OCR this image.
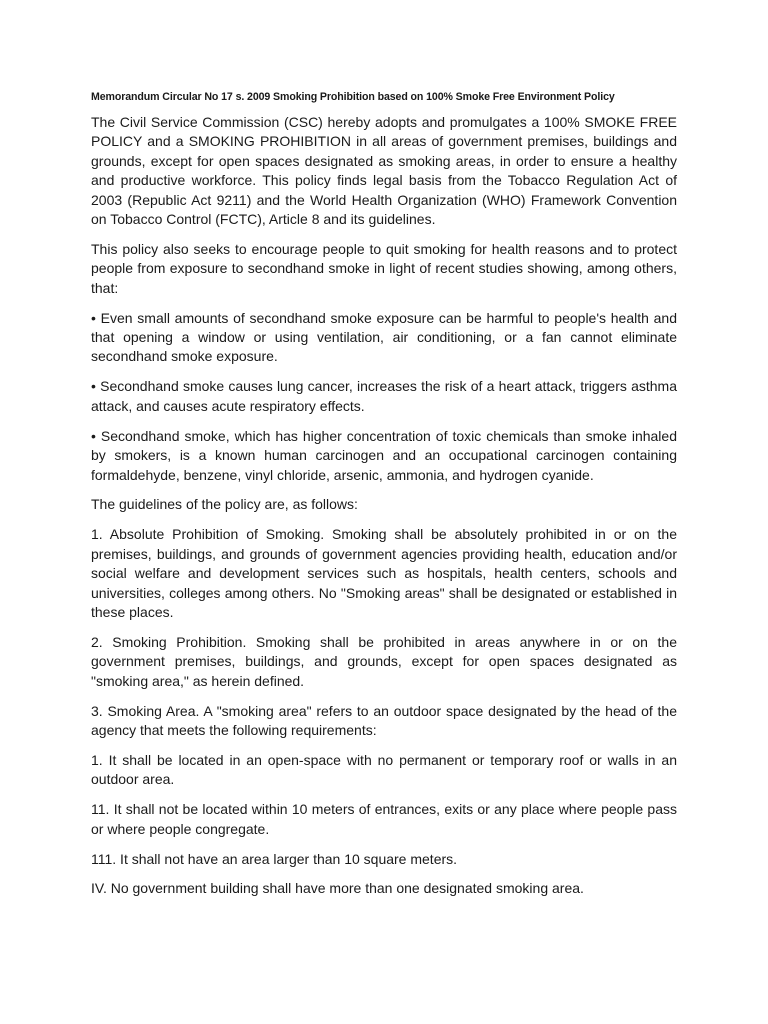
Memorandum Circular No 17 s. 2009 Smoking Prohibition based on 100% Smoke Free Environment Policy

The Civil Service Commission (CSC) hereby adopts and promulgates a 100% SMOKE FREE POLICY and a SMOKING PROHIBITION in all areas of government premises, buildings and grounds, except for open spaces designated as smoking areas, in order to ensure a healthy and productive workforce. This policy finds legal basis from the Tobacco Regulation Act of 2003 (Republic Act 9211) and the World Health Organization (WHO) Framework Convention on Tobacco Control (FCTC), Article 8 and its guidelines.

This policy also seeks to encourage people to quit smoking for health reasons and to protect people from exposure to secondhand smoke in light of recent studies showing, among others, that:

• Even small amounts of secondhand smoke exposure can be harmful to people's health and that opening a window or using ventilation, air conditioning, or a fan cannot eliminate secondhand smoke exposure.

• Secondhand smoke causes lung cancer, increases the risk of a heart attack, triggers asthma attack, and causes acute respiratory effects.

• Secondhand smoke, which has higher concentration of toxic chemicals than smoke inhaled by smokers, is a known human carcinogen and an occupational carcinogen containing formaldehyde, benzene, vinyl chloride, arsenic, ammonia, and hydrogen cyanide.

The guidelines of the policy are, as follows:

1. Absolute Prohibition of Smoking. Smoking shall be absolutely prohibited in or on the premises, buildings, and grounds of government agencies providing health, education and/or social welfare and development services such as hospitals, health centers, schools and universities, colleges among others. No "Smoking areas" shall be designated or established in these places.

2. Smoking Prohibition. Smoking shall be prohibited in areas anywhere in or on the government premises, buildings, and grounds, except for open spaces designated as "smoking area," as herein defined.

3. Smoking Area. A "smoking area" refers to an outdoor space designated by the head of the agency that meets the following requirements:

1. It shall be located in an open-space with no permanent or temporary roof or walls in an outdoor area.

11. It shall not be located within 10 meters of entrances, exits or any place where people pass or where people congregate.

111. It shall not have an area larger than 10 square meters.

IV. No government building shall have more than one designated smoking area.
